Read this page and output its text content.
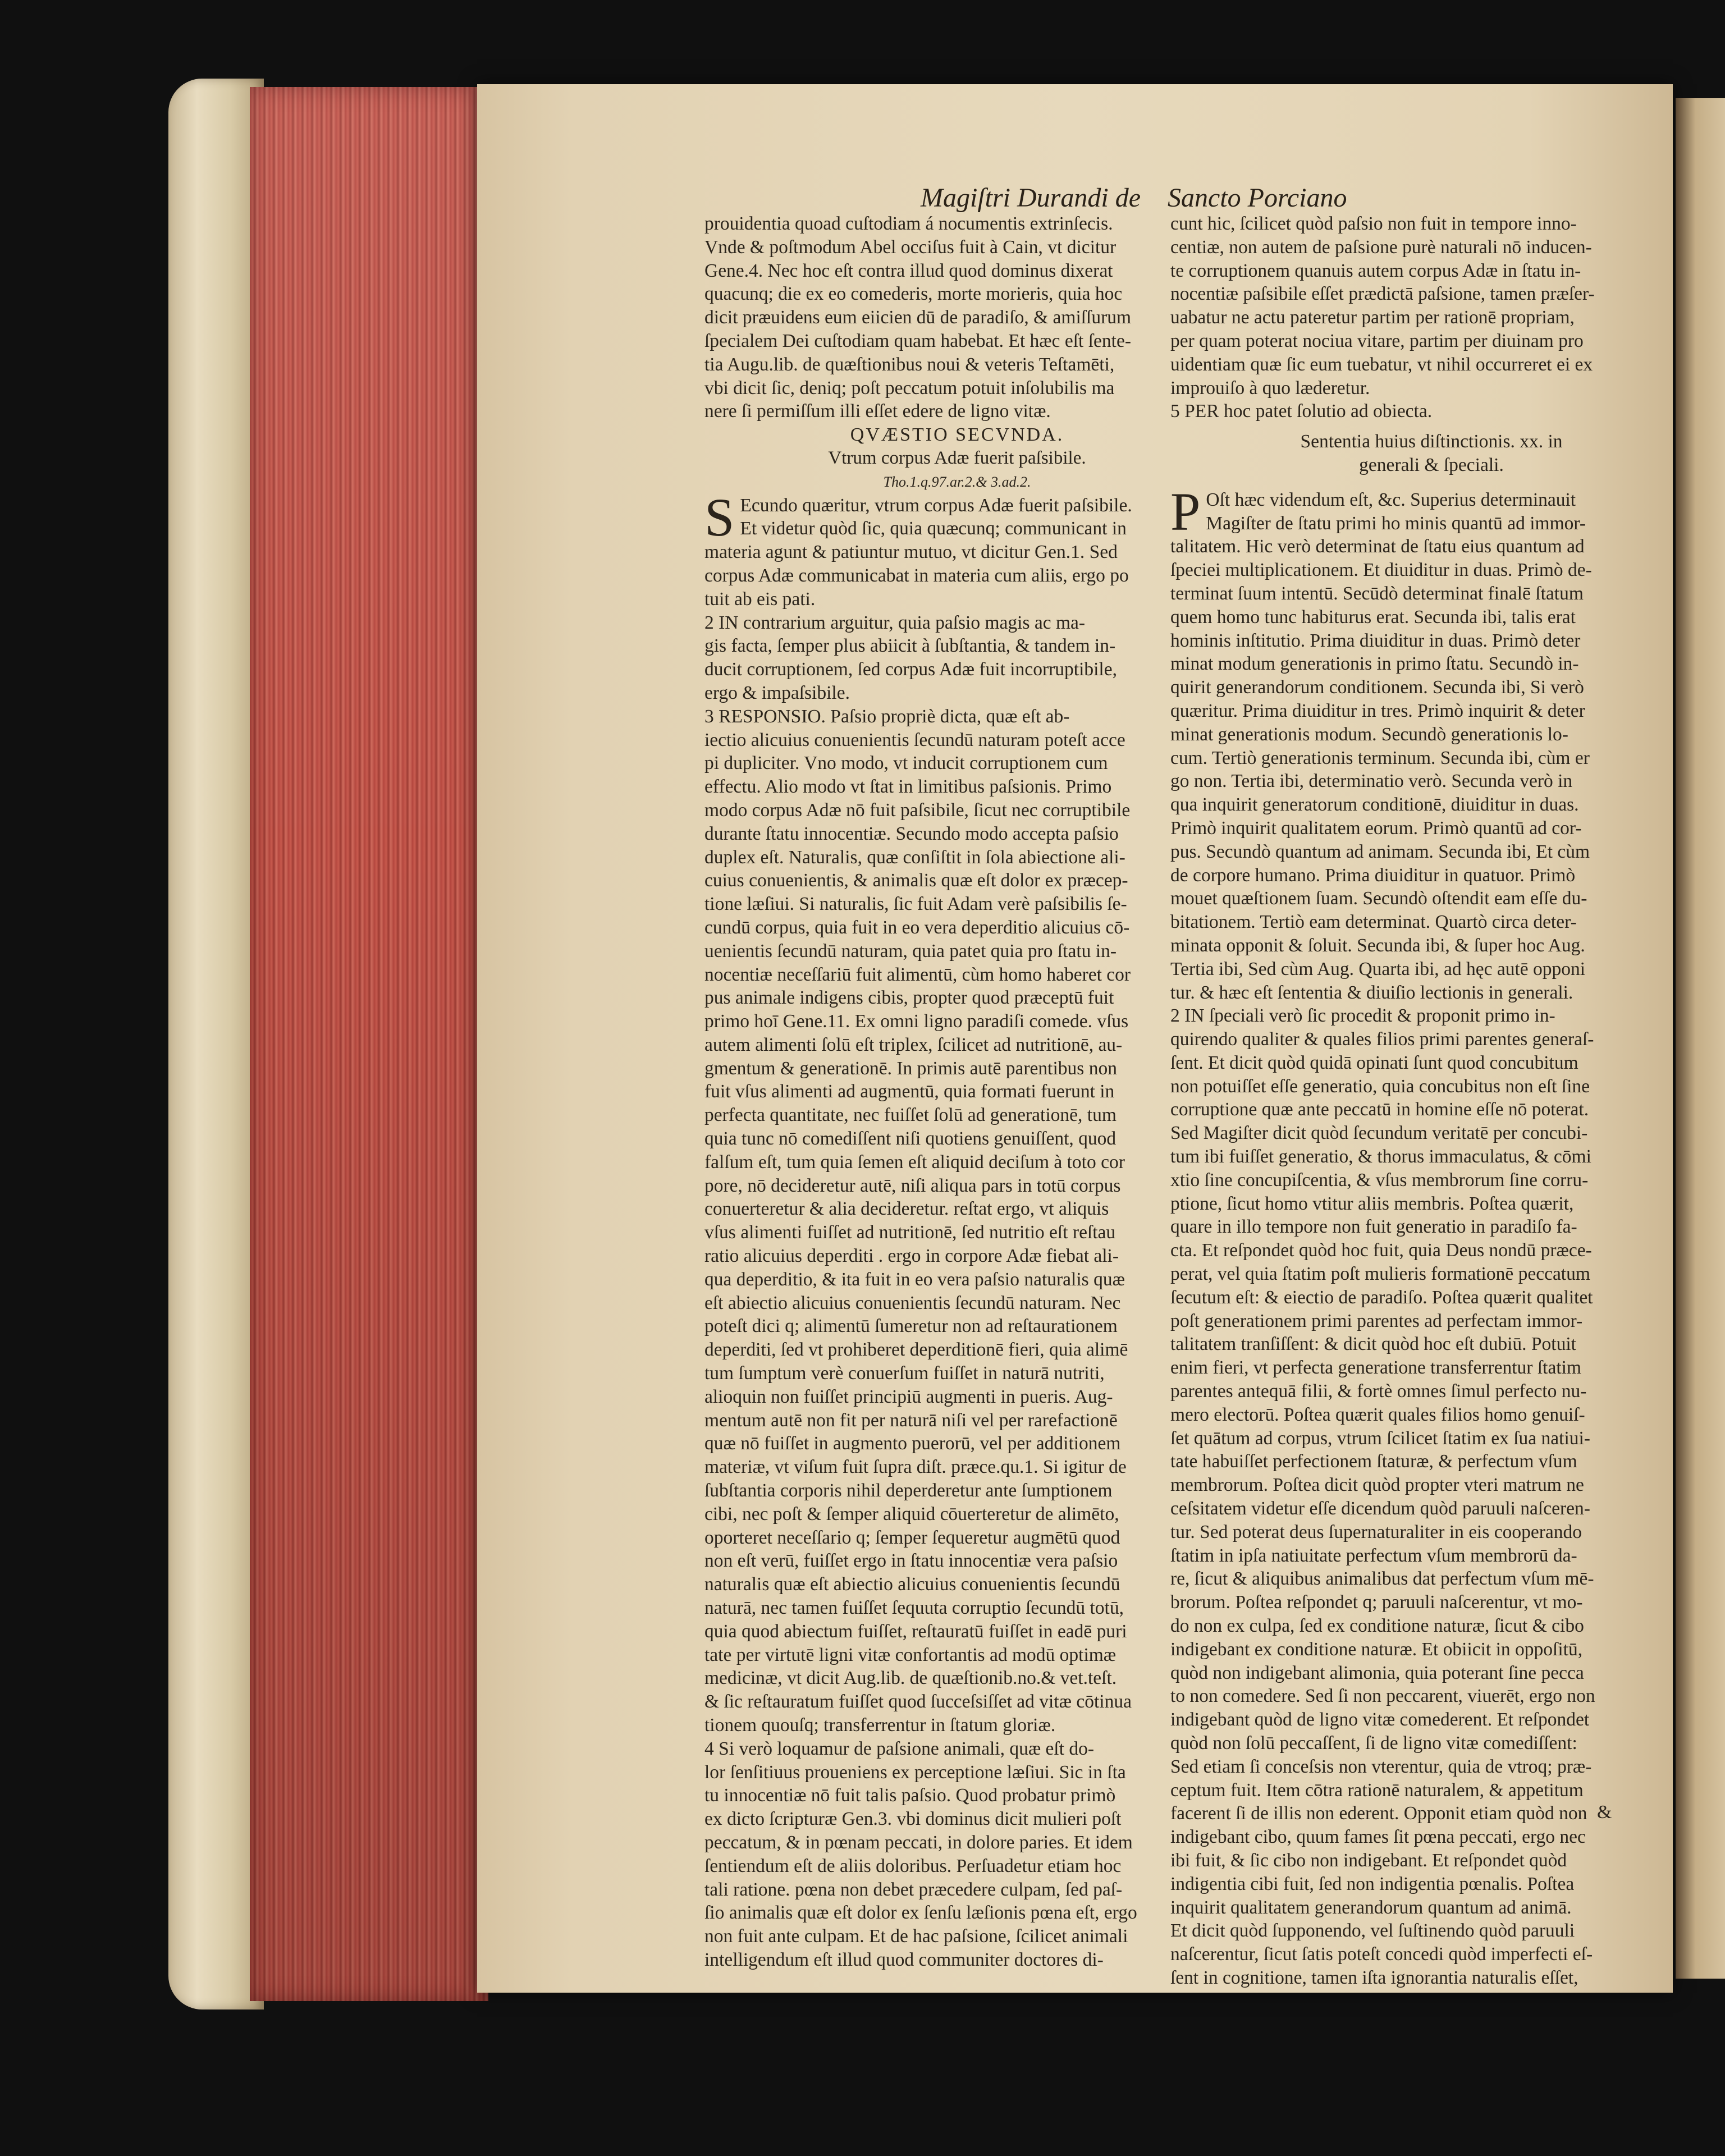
Magiſtri Durandi de Sancto Porciano
prouidentia quoad cuſtodiam á nocumentis extrinſecis.
Vnde & poſtmodum Abel occiſus fuit à Cain, vt dicitur
Gene.4. Nec hoc eſt contra illud quod dominus dixerat
quacunq; die ex eo comederis, morte morieris, quia hoc
dicit præuidens eum eiicien dū de paradiſo, & amiſſurum
ſpecialem Dei cuſtodiam quam habebat. Et hæc eſt ſente-
tia Augu.lib. de quæſtionibus noui & veteris Teſtamēti,
vbi dicit ſic, deniq; poſt peccatum potuit inſolubilis ma
nere ſi permiſſum illi eſſet edere de ligno vitæ.

QVÆSTIO SECVNDA.

Vtrum corpus Adæ fuerit paſsibile.

Tho.1.q.97.ar.2.& 3.ad.2.

S Ecundo quæritur, vtrum corpus Adæ fuerit paſsibile.
Et videtur quòd ſic, quia quæcunq; communicant in
materia agunt & patiuntur mutuo, vt dicitur Gen.1. Sed
corpus Adæ communicabat in materia cum aliis, ergo po
tuit ab eis pati.
2 IN contrarium arguitur, quia paſsio magis ac ma-
gis facta, ſemper plus abiicit à ſubſtantia, & tandem in-
ducit corruptionem, ſed corpus Adæ fuit incorruptibile,
ergo & impaſsibile.
3 RESPONSIO. Paſsio propriè dicta, quæ eſt ab-
iectio alicuius conuenientis ſecundū naturam poteſt acce
pi dupliciter. Vno modo, vt inducit corruptionem cum
effectu. Alio modo vt ſtat in limitibus paſsionis. Primo
modo corpus Adæ nō fuit paſsibile, ſicut nec corruptibile
durante ſtatu innocentiæ. Secundo modo accepta paſsio
duplex eſt. Naturalis, quæ conſiſtit in ſola abiectione ali-
cuius conuenientis, & animalis quæ eſt dolor ex præcep-
tione læſiui. Si naturalis, ſic fuit Adam verè paſsibilis ſe-
cundū corpus, quia fuit in eo vera deperditio alicuius cō-
uenientis ſecundū naturam, quia patet quia pro ſtatu in-
nocentiæ neceſſariū fuit alimentū, cùm homo haberet cor
pus animale indigens cibis, propter quod præceptū fuit
primo hoī Gene.11. Ex omni ligno paradiſi comede. vſus
autem alimenti ſolū eſt triplex, ſcilicet ad nutritionē, au-
gmentum & generationē. In primis autē parentibus non
fuit vſus alimenti ad augmentū, quia formati fuerunt in
perfecta quantitate, nec fuiſſet ſolū ad generationē, tum
quia tunc nō comediſſent niſi quotiens genuiſſent, quod
falſum eſt, tum quia ſemen eſt aliquid deciſum à toto cor
pore, nō decideretur autē, niſi aliqua pars in totū corpus
conuerteretur & alia decideretur. reſtat ergo, vt aliquis
vſus alimenti fuiſſet ad nutritionē, ſed nutritio eſt reſtau
ratio alicuius deperditi . ergo in corpore Adæ fiebat ali-
qua deperditio, & ita fuit in eo vera paſsio naturalis quæ
eſt abiectio alicuius conuenientis ſecundū naturam. Nec
poteſt dici q; alimentū ſumeretur non ad reſtaurationem
deperditi, ſed vt prohiberet deperditionē fieri, quia alimē
tum ſumptum verè conuerſum fuiſſet in naturā nutriti,
alioquin non fuiſſet principiū augmenti in pueris. Aug-
mentum autē non fit per naturā niſi vel per rarefactionē
quæ nō fuiſſet in augmento puerorū, vel per additionem
materiæ, vt viſum fuit ſupra diſt. præce.qu.1. Si igitur de
ſubſtantia corporis nihil deperderetur ante ſumptionem
cibi, nec poſt & ſemper aliquid cōuerteretur de alimēto,
oporteret neceſſario q; ſemper ſequeretur augmētū quod
non eſt verū, fuiſſet ergo in ſtatu innocentiæ vera paſsio
naturalis quæ eſt abiectio alicuius conuenientis ſecundū
naturā, nec tamen fuiſſet ſequuta corruptio ſecundū totū,
quia quod abiectum fuiſſet, reſtauratū fuiſſet in eadē puri
tate per virtutē ligni vitæ confortantis ad modū optimæ
medicinæ, vt dicit Aug.lib. de quæſtionib.no.& vet.teſt.
& ſic reſtauratum fuiſſet quod ſucceſsiſſet ad vitæ cōtinua
tionem quouſq; transferrentur in ſtatum gloriæ.
4 Si verò loquamur de paſsione animali, quæ eſt do-
lor ſenſitiuus proueniens ex perceptione læſiui. Sic in ſta
tu innocentiæ nō fuit talis paſsio. Quod probatur primò
ex dicto ſcripturæ Gen.3. vbi dominus dicit mulieri poſt
peccatum, & in pœnam peccati, in dolore paries. Et idem
ſentiendum eſt de aliis doloribus. Perſuadetur etiam hoc
tali ratione. pœna non debet præcedere culpam, ſed paſ-
ſio animalis quæ eſt dolor ex ſenſu læſionis pœna eſt, ergo
non fuit ante culpam. Et de hac paſsione, ſcilicet animali
intelligendum eſt illud quod communiter doctores di-
cunt hic, ſcilicet quòd paſsio non fuit in tempore inno-
centiæ, non autem de paſsione purè naturali nō inducen-
te corruptionem quanuis autem corpus Adæ in ſtatu in-
nocentiæ paſsibile eſſet prædictā paſsione, tamen præſer-
uabatur ne actu pateretur partim per rationē propriam,
per quam poterat nociua vitare, partim per diuinam pro
uidentiam quæ ſic eum tuebatur, vt nihil occurreret ei ex
improuiſo à quo læderetur.

5 PER hoc patet ſolutio ad obiecta.

Sententia huius diſtinctionis. xx. in
generali & ſpeciali.
P Oſt hæc videndum eſt, &c. Superius determinauit
Magiſter de ſtatu primi ho minis quantū ad immor-
talitatem. Hic verò determinat de ſtatu eius quantum ad
ſpeciei multiplicationem. Et diuiditur in duas. Primò de-
terminat ſuum intentū. Secūdò determinat finalē ſtatum
quem homo tunc habiturus erat. Secunda ibi, talis erat
hominis inſtitutio. Prima diuiditur in duas. Primò deter
minat modum generationis in primo ſtatu. Secundò in-
quirit generandorum conditionem. Secunda ibi, Si verò
quæritur. Prima diuiditur in tres. Primò inquirit & deter
minat generationis modum. Secundò generationis lo-
cum. Tertiò generationis terminum. Secunda ibi, cùm er
go non. Tertia ibi, determinatio verò. Secunda verò in
qua inquirit generatorum conditionē, diuiditur in duas.
Primò inquirit qualitatem eorum. Primò quantū ad cor-
pus. Secundò quantum ad animam. Secunda ibi, Et cùm
de corpore humano. Prima diuiditur in quatuor. Primò
mouet quæſtionem ſuam. Secundò oſtendit eam eſſe du-
bitationem. Tertiò eam determinat. Quartò circa deter-
minata opponit & ſoluit. Secunda ibi, & ſuper hoc Aug.
Tertia ibi, Sed cùm Aug. Quarta ibi, ad hęc autē opponi
tur. & hæc eſt ſententia & diuiſio lectionis in generali.
2 IN ſpeciali verò ſic procedit & proponit primo in-
quirendo qualiter & quales filios primi parentes generaſ-
ſent. Et dicit quòd quidā opinati ſunt quod concubitum
non potuiſſet eſſe generatio, quia concubitus non eſt ſine
corruptione quæ ante peccatū in homine eſſe nō poterat.
Sed Magiſter dicit quòd ſecundum veritatē per concubi-
tum ibi fuiſſet generatio, & thorus immaculatus, & cōmi
xtio ſine concupiſcentia, & vſus membrorum ſine corru-
ptione, ſicut homo vtitur aliis membris. Poſtea quærit,
quare in illo tempore non fuit generatio in paradiſo fa-
cta. Et reſpondet quòd hoc fuit, quia Deus nondū præce-
perat, vel quia ſtatim poſt mulieris formationē peccatum
ſecutum eſt: & eiectio de paradiſo. Poſtea quærit qualitet
poſt generationem primi parentes ad perfectam immor-
talitatem tranſiſſent: & dicit quòd hoc eſt dubiū. Potuit
enim fieri, vt perfecta generatione transferrentur ſtatim
parentes antequā filii, & fortè omnes ſimul perfecto nu-
mero electorū. Poſtea quærit quales filios homo genuiſ-
ſet quātum ad corpus, vtrum ſcilicet ſtatim ex ſua natiui-
tate habuiſſet perfectionem ſtaturæ, & perfectum vſum
membrorum. Poſtea dicit quòd propter vteri matrum ne
ceſsitatem videtur eſſe dicendum quòd paruuli naſceren-
tur. Sed poterat deus ſupernaturaliter in eis cooperando
ſtatim in ipſa natiuitate perfectum vſum membrorū da-
re, ſicut & aliquibus animalibus dat perfectum vſum mē-
brorum. Poſtea reſpondet q; paruuli naſcerentur, vt mo-
do non ex culpa, ſed ex conditione naturæ, ſicut & cibo
indigebant ex conditione naturæ. Et obiicit in oppoſitū,
quòd non indigebant alimonia, quia poterant ſine pecca
to non comedere. Sed ſi non peccarent, viuerēt, ergo non
indigebant quòd de ligno vitæ comederent. Et reſpondet
quòd non ſolū peccaſſent, ſi de ligno vitæ comediſſent:
Sed etiam ſi conceſsis non vterentur, quia de vtroq; præ-
ceptum fuit. Item cōtra rationē naturalem, & appetitum
facerent ſi de illis non ederent. Opponit etiam quòd non
indigebant cibo, quum fames ſit pœna peccati, ergo nec
ibi fuit, & ſic cibo non indigebant. Et reſpondet quòd
indigentia cibi fuit, ſed non indigentia pœnalis. Poſtea
inquirit qualitatem generandorum quantum ad animā.
Et dicit quòd ſupponendo, vel ſuſtinendo quòd paruuli
naſcerentur, ſicut ſatis poteſt concedi quòd imperfecti eſ-
ſent in cognitione, tamen iſta ignorantia naturalis eſſet,
&
